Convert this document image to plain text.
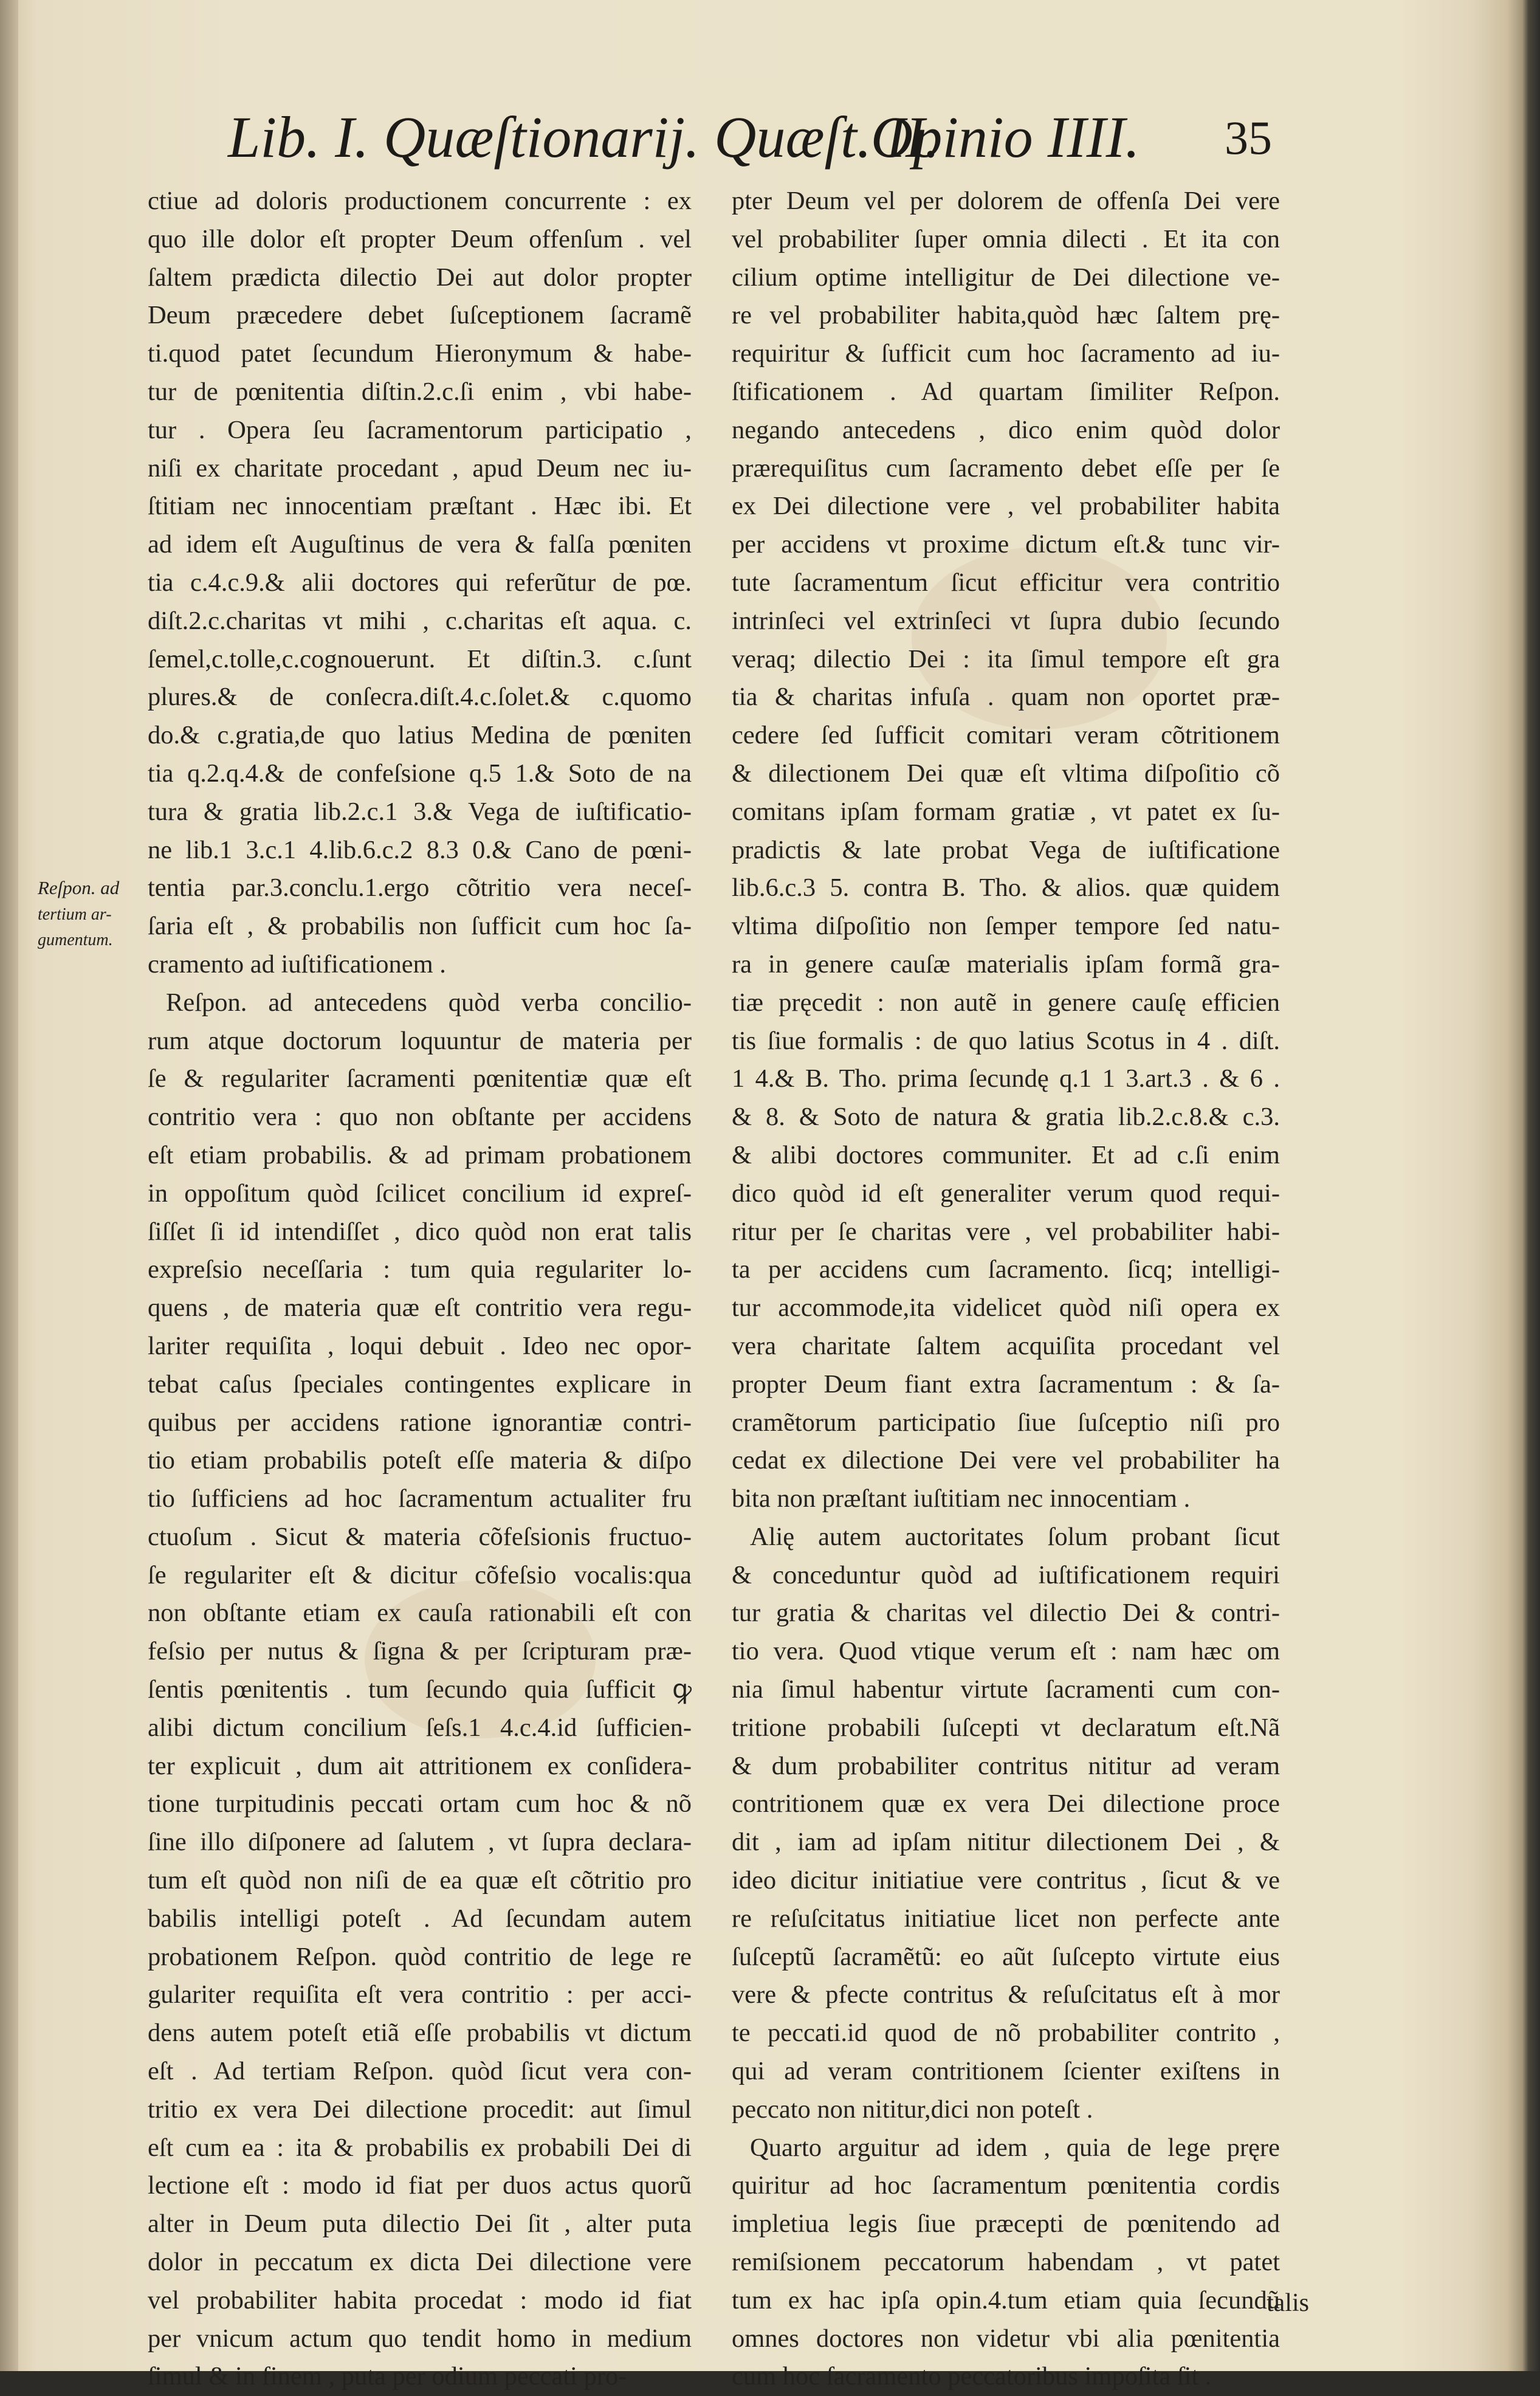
Lib. I. Quæſtionarij. Quæſt. II.
Opinio IIII. 35
Reſpon. ad
tertium ar-
gumentum.
ctiue ad doloris productionem concurrente : ex
quo ille dolor eſt propter Deum offenſum . vel
ſaltem prædicta dilectio Dei aut dolor propter
Deum præcedere debet ſuſceptionem ſacramẽ
ti.quod patet ſecundum Hieronymum & habe-
tur de pœnitentia diſtin.2.c.ſi enim , vbi habe-
tur . Opera ſeu ſacramentorum participatio ,
niſi ex charitate procedant , apud Deum nec iu-
ſtitiam nec innocentiam præſtant . Hæc ibi. Et
ad idem eſt Auguſtinus de vera & falſa pœniten
tia c.4.c.9.& alii doctores qui referũtur de pœ.
diſt.2.c.charitas vt mihi , c.charitas eſt aqua. c.
ſemel,c.tolle,c.cognouerunt. Et diſtin.3. c.ſunt
plures.& de conſecra.diſt.4.c.ſolet.& c.quomo
do.& c.gratia,de quo latius Medina de pœniten
tia q.2.q.4.& de confeſsione q.5 1.& Soto de na
tura & gratia lib.2.c.1 3.& Vega de iuſtificatio-
ne lib.1 3.c.1 4.lib.6.c.2 8.3 0.& Cano de pœni-
tentia par.3.conclu.1.ergo cõtritio vera neceſ-
ſaria eſt , & probabilis non ſufficit cum hoc ſa-
cramento ad iuſtificationem .
Reſpon. ad antecedens quòd verba concilio-
rum atque doctorum loquuntur de materia per
ſe & regulariter ſacramenti pœnitentiæ quæ eſt
contritio vera : quo non obſtante per accidens
eſt etiam probabilis. & ad primam probationem
in oppoſitum quòd ſcilicet concilium id expreſ-
ſiſſet ſi id intendiſſet , dico quòd non erat talis
expreſsio neceſſaria : tum quia regulariter lo-
quens , de materia quæ eſt contritio vera regu-
lariter requiſita , loqui debuit . Ideo nec opor-
tebat caſus ſpeciales contingentes explicare in
quibus per accidens ratione ignorantiæ contri-
tio etiam probabilis poteſt eſſe materia & diſpo
tio ſufficiens ad hoc ſacramentum actualiter fru
ctuoſum . Sicut & materia cõfeſsionis fructuo-
ſe regulariter eſt & dicitur cõfeſsio vocalis:qua
non obſtante etiam ex cauſa rationabili eſt con
feſsio per nutus & ſigna & per ſcripturam præ-
ſentis pœnitentis . tum ſecundo quia ſufficit ꝙ
alibi dictum concilium ſeſs.1 4.c.4.id ſufficien-
ter explicuit , dum ait attritionem ex conſidera-
tione turpitudinis peccati ortam cum hoc & nõ
ſine illo diſponere ad ſalutem , vt ſupra declara-
tum eſt quòd non niſi de ea quæ eſt cõtritio pro
babilis intelligi poteſt . Ad ſecundam autem
probationem Reſpon. quòd contritio de lege re
gulariter requiſita eſt vera contritio : per acci-
dens autem poteſt etiã eſſe probabilis vt dictum
eſt . Ad tertiam Reſpon. quòd ſicut vera con-
tritio ex vera Dei dilectione procedit: aut ſimul
eſt cum ea : ita & probabilis ex probabili Dei di
lectione eſt : modo id fiat per duos actus quorũ
alter in Deum puta dilectio Dei ſit , alter puta
dolor in peccatum ex dicta Dei dilectione vere
vel probabiliter habita procedat : modo id fiat
per vnicum actum quo tendit homo in medium
ſimul & in finem , puta per odium peccati pro-
pter Deum vel per dolorem de offenſa Dei vere
vel probabiliter ſuper omnia dilecti . Et ita con
cilium optime intelligitur de Dei dilectione ve-
re vel probabiliter habita,quòd hæc ſaltem prę-
requiritur & ſufficit cum hoc ſacramento ad iu-
ſtificationem . Ad quartam ſimiliter Reſpon.
negando antecedens , dico enim quòd dolor
prærequiſitus cum ſacramento debet eſſe per ſe
ex Dei dilectione vere , vel probabiliter habita
per accidens vt proxime dictum eſt.& tunc vir-
tute ſacramentum ſicut efficitur vera contritio
intrinſeci vel extrinſeci vt ſupra dubio ſecundo
veraq; dilectio Dei : ita ſimul tempore eſt gra
tia & charitas infuſa . quam non oportet præ-
cedere ſed ſufficit comitari veram cõtritionem
& dilectionem Dei quæ eſt vltima diſpoſitio cõ
comitans ipſam formam gratiæ , vt patet ex ſu-
pradictis & late probat Vega de iuſtificatione
lib.6.c.3 5. contra B. Tho. & alios. quæ quidem
vltima diſpoſitio non ſemper tempore ſed natu-
ra in genere cauſæ materialis ipſam formã gra-
tiæ pręcedit : non autẽ in genere cauſę efficien
tis ſiue formalis : de quo latius Scotus in 4 . diſt.
1 4.& B. Tho. prima ſecundę q.1 1 3.art.3 . & 6 .
& 8. & Soto de natura & gratia lib.2.c.8.& c.3.
& alibi doctores communiter. Et ad c.ſi enim
dico quòd id eſt generaliter verum quod requi-
ritur per ſe charitas vere , vel probabiliter habi-
ta per accidens cum ſacramento. ſicq; intelligi-
tur accommode,ita videlicet quòd niſi opera ex
vera charitate ſaltem acquiſita procedant vel
propter Deum fiant extra ſacramentum : & ſa-
cramẽtorum participatio ſiue ſuſceptio niſi pro
cedat ex dilectione Dei vere vel probabiliter ha
bita non præſtant iuſtitiam nec innocentiam .
Alię autem auctoritates ſolum probant ſicut
& conceduntur quòd ad iuſtificationem requiri
tur gratia & charitas vel dilectio Dei & contri-
tio vera. Quod vtique verum eſt : nam hæc om
nia ſimul habentur virtute ſacramenti cum con-
tritione probabili ſuſcepti vt declaratum eſt.Nã
& dum probabiliter contritus nititur ad veram
contritionem quæ ex vera Dei dilectione proce
dit , iam ad ipſam nititur dilectionem Dei , &
ideo dicitur initiatiue vere contritus , ſicut & ve
re reſuſcitatus initiatiue licet non perfecte ante
ſuſceptũ ſacramẽtũ: eo aũt ſuſcepto virtute eius
vere & pfecte contritus & reſuſcitatus eſt à mor
te peccati.id quod de nõ probabiliter contrito ,
qui ad veram contritionem ſcienter exiſtens in
peccato non nititur,dici non poteſt .
Quarto arguitur ad idem , quia de lege pręre
quiritur ad hoc ſacramentum pœnitentia cordis
impletiua legis ſiue præcepti de pœnitendo ad
remiſsionem peccatorum habendam , vt patet
tum ex hac ipſa opin.4.tum etiam quia ſecundũ
omnes doctores non videtur vbi alia pœnitentia
cum hoc ſacramento peccatoribus impoſita ſit .
talis
